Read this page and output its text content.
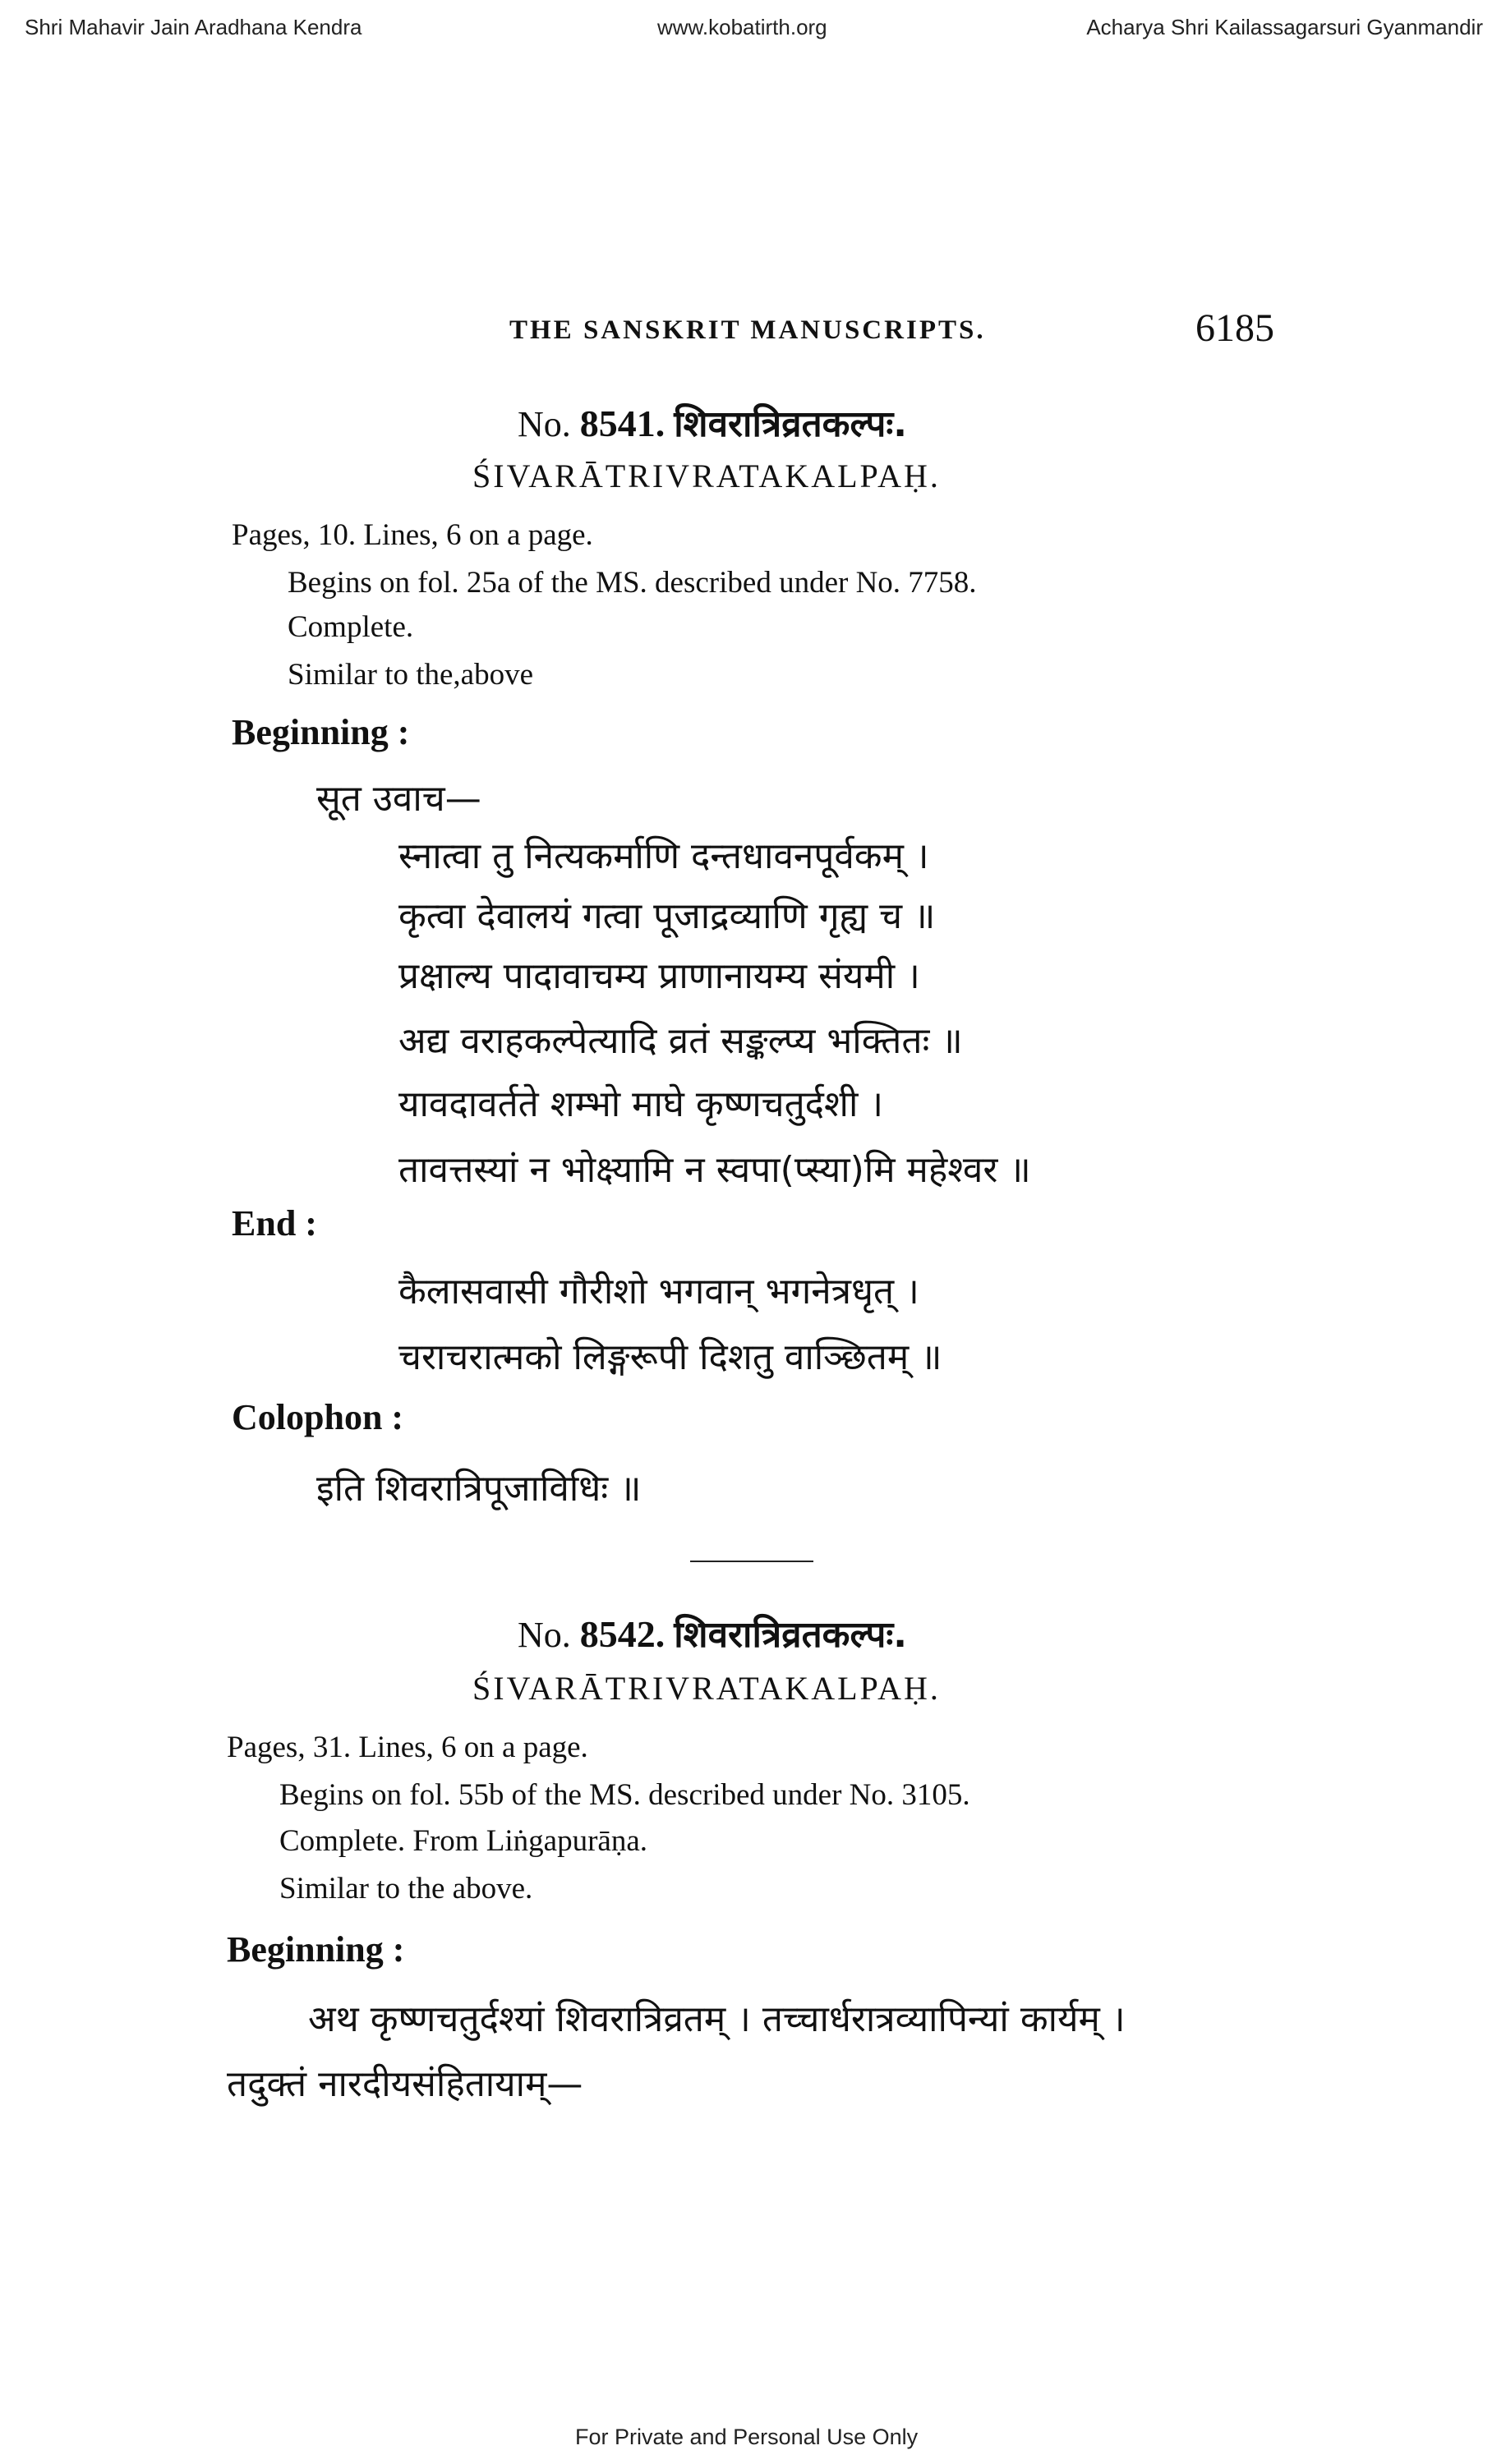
Shri Mahavir Jain Aradhana Kendra	www.kobatirth.org	Acharya Shri Kailassagarsuri Gyanmandir
THE SANSKRIT MANUSCRIPTS.	6185
No. 8541. शिवरात्रिव्रतकल्पः.
ŚIVARĀTRIVRATAKALPAḤ.
Pages, 10. Lines, 6 on a page.
Begins on fol. 25a of the MS. described under No. 7758.
Complete.
Similar to the,above
Beginning :
सूत उवाच—
स्नात्वा तु नित्यकर्माणि दन्तधावनपूर्वकम् ।
कृत्वा देवालयं गत्वा पूजाद्रव्याणि गृह्य च ॥
प्रक्षाल्य पादावाचम्य प्राणानायम्य संयमी ।
अद्य वराहकल्पेत्यादि व्रतं सङ्कल्प्य भक्तितः ॥
यावदावर्तते शम्भो माघे कृष्णचतुर्दशी ।
तावत्तस्यां न भोक्ष्यामि न स्वपा(प्स्या)मि महेश्वर ॥
End :
कैलासवासी गौरीशो भगवान् भगनेत्रधृत् ।
चराचरात्मको लिङ्गरूपी दिशतु वाञ्छितम् ॥
Colophon :
इति शिवरात्रिपूजाविधिः ॥
No. 8542. शिवरात्रिव्रतकल्पः.
ŚIVARĀTRIVRATAKALPAḤ.
Pages, 31. Lines, 6 on a page.
Begins on fol. 55b of the MS. described under No. 3105.
Complete. From Liṅgapurāṇa.
Similar to the above.
Beginning :
अथ कृष्णचतुर्दश्यां शिवरात्रिव्रतम् । तच्चार्धरात्रव्यापिन्यां कार्यम् ।
तदुक्तं नारदीयसंहितायाम्—
For Private and Personal Use Only
